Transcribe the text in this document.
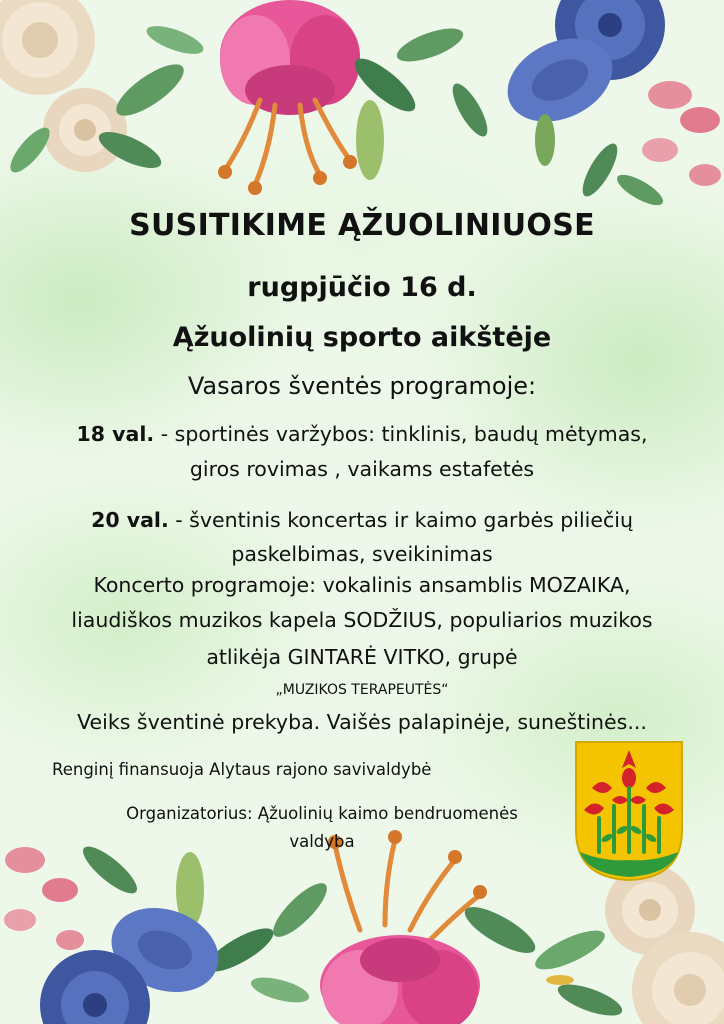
SUSITIKIME ĄŽUOLINIUOSE
rugpjūčio 16 d.
Ąžuolinių sporto aikštėje
Vasaros šventės programoje:
18 val. - sportinės varžybos: tinklinis, baudų mėtymas,
giros rovimas , vaikams estafetės
20 val. - šventinis koncertas ir kaimo garbės piliečių
paskelbimas, sveikinimas
Koncerto programoje: vokalinis ansamblis MOZAIKA,
liaudiškos muzikos kapela SODŽIUS, populiarios muzikos
atlikėja GINTARĖ VITKO, grupė
„MUZIKOS TERAPEUTĖS“
Veiks šventinė prekyba. Vaišės palapinėje, suneštinės...
Renginį finansuoja Alytaus rajono savivaldybė
Organizatorius: Ąžuolinių kaimo bendruomenės
valdyba
